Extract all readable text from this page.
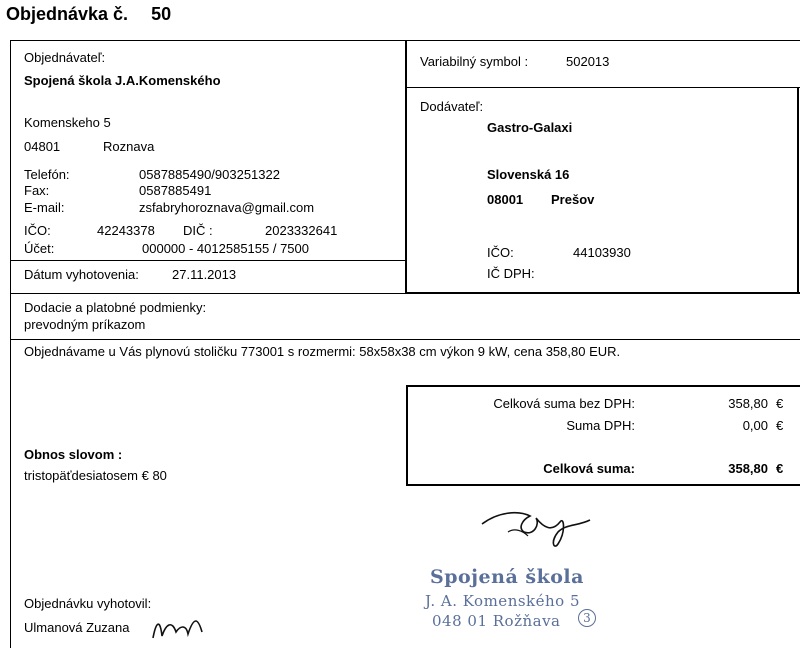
Objednávka č. 50
Objednávateľ:
Spojená škola J.A.Komenského
Komenskeho 5
04801	Roznava
Telefón:	0587885490/903251322
Fax:	0587885491
E-mail:	zsfabryhoroznava@gmail.com
IČO:	42243378 DIČ :	2023332641
Účet:	000000 - 4012585155 / 7500
Variabilný symbol :	502013
Dodávateľ:
Gastro-Galaxi
Slovenská 16
08001 Prešov
IČO:	44103930
IČ DPH:
Dátum vyhotovenia:	27.11.2013
Dodacie a platobné podmienky:
prevodným príkazom
Objednávame u Vás plynovú stoličku 773001 s rozmermi: 58x58x38 cm výkon 9 kW, cena 358,80 EUR.
Celková suma bez DPH:	358,80 €
Suma DPH:	0,00 €
Celková suma:	358,80 €
Obnos slovom :
tristopäťdesiatosem € 80
Spojená škola
J. A. Komenského 5
048 01 Rožňava	3
Objednávku vyhotovil:
Ulmanová Zuzana
